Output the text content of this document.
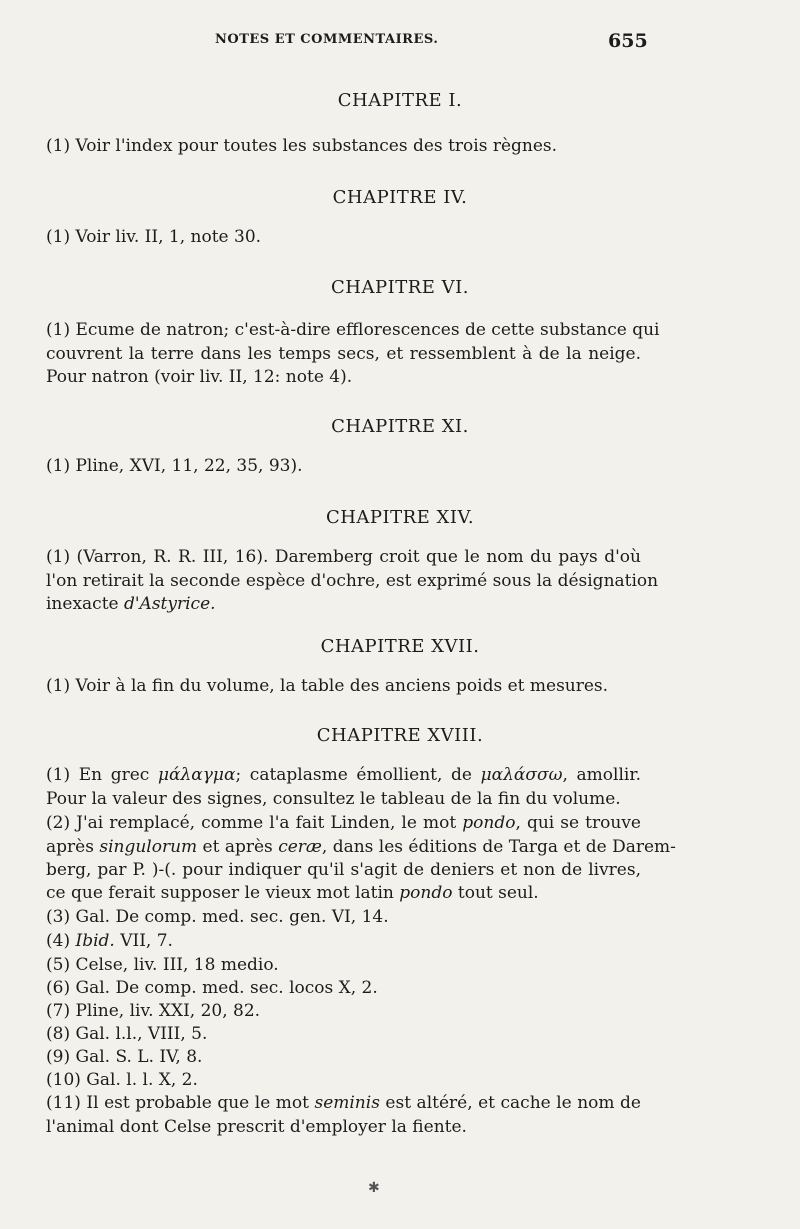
NOTES ET COMMENTAIRES.	655
CHAPITRE I.
(1) Voir l'index pour toutes les substances des trois règnes.
CHAPITRE IV.
(1) Voir liv. II, 1, note 30.
CHAPITRE VI.
(1) Ecume de natron; c'est-à-dire efflorescences de cette substance qui
couvrent la terre dans les temps secs, et ressemblent à de la neige.
Pour natron (voir liv. II, 12: note 4).
CHAPITRE XI.
(1) Pline, XVI, 11, 22, 35, 93).
CHAPITRE XIV.
(1) (Varron, R. R. III, 16). Daremberg croit que le nom du pays d'où
l'on retirait la seconde espèce d'ochre, est exprimé sous la désignation
inexacte d'Astyrice.
CHAPITRE XVII.
(1) Voir à la fin du volume, la table des anciens poids et mesures.
CHAPITRE XVIII.
(1) En grec μάλαγμα; cataplasme émollient, de μαλάσσω, amollir.
Pour la valeur des signes, consultez le tableau de la fin du volume.
(2) J'ai remplacé, comme l'a fait Linden, le mot pondo, qui se trouve
après singulorum et après ceræ, dans les éditions de Targa et de Darem-
berg, par P. )-(. pour indiquer qu'il s'agit de deniers et non de livres,
ce que ferait supposer le vieux mot latin pondo tout seul.
(3) Gal. De comp. med. sec. gen. VI, 14.
(4) Ibid. VII, 7.
(5) Celse, liv. III, 18 medio.
(6) Gal. De comp. med. sec. locos X, 2.
(7) Pline, liv. XXI, 20, 82.
(8) Gal. l.l., VIII, 5.
(9) Gal. S. L. IV, 8.
(10) Gal. l. l. X, 2.
(11) Il est probable que le mot seminis est altéré, et cache le nom de
l'animal dont Celse prescrit d'employer la fiente.
✱
